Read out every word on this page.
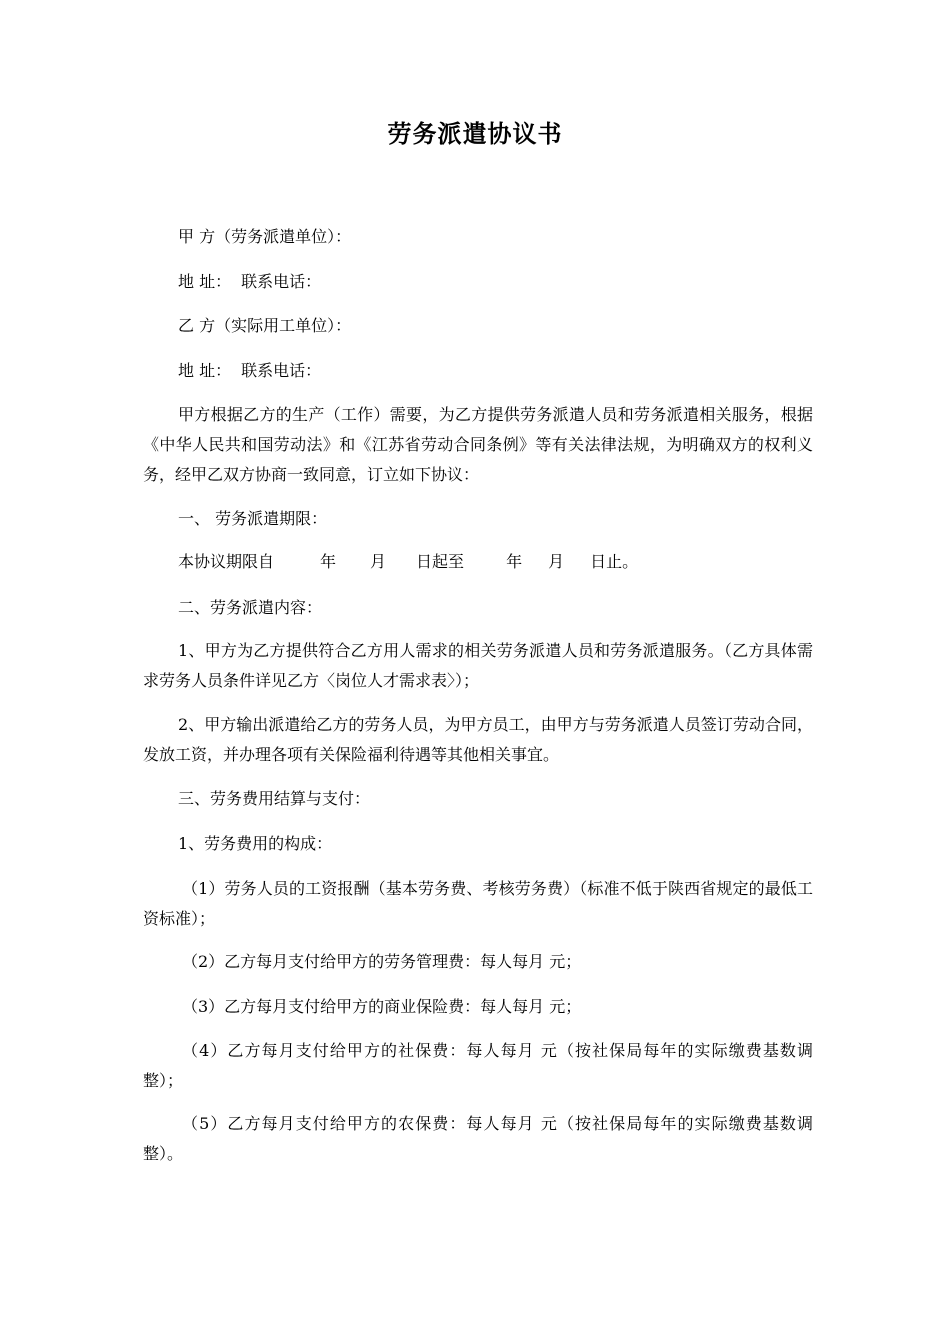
劳务派遣协议书
甲 方（劳务派遣单位）：
地 址： 联系电话：
乙 方（实际用工单位）：
地 址： 联系电话：
甲方根据乙方的生产（工作）需要，为乙方提供劳务派遣人员和劳务派遣相关服务，根据《中华人民共和国劳动法》和《江苏省劳动合同条例》等有关法律法规，为明确双方的权利义务，经甲乙双方协商一致同意，订立如下协议：
一、 劳务派遣期限：
本协议期限自	年 月 日起至	年 月 日止。
二、劳务派遣内容：
1、甲方为乙方提供符合乙方用人需求的相关劳务派遣人员和劳务派遣服务。（乙方具体需求劳务人员条件详见乙方〈岗位人才需求表〉）；
2、甲方输出派遣给乙方的劳务人员，为甲方员工，由甲方与劳务派遣人员签订劳动合同，发放工资，并办理各项有关保险福利待遇等其他相关事宜。
三、劳务费用结算与支付：
1、劳务费用的构成：
（1）劳务人员的工资报酬（基本劳务费、考核劳务费）（标准不低于陕西省规定的最低工资标准）；
（2）乙方每月支付给甲方的劳务管理费：每人每月 元；
（3）乙方每月支付给甲方的商业保险费：每人每月 元；
（4）乙方每月支付给甲方的社保费：每人每月 元（按社保局每年的实际缴费基数调整）；
（5）乙方每月支付给甲方的农保费：每人每月 元（按社保局每年的实际缴费基数调整）。
